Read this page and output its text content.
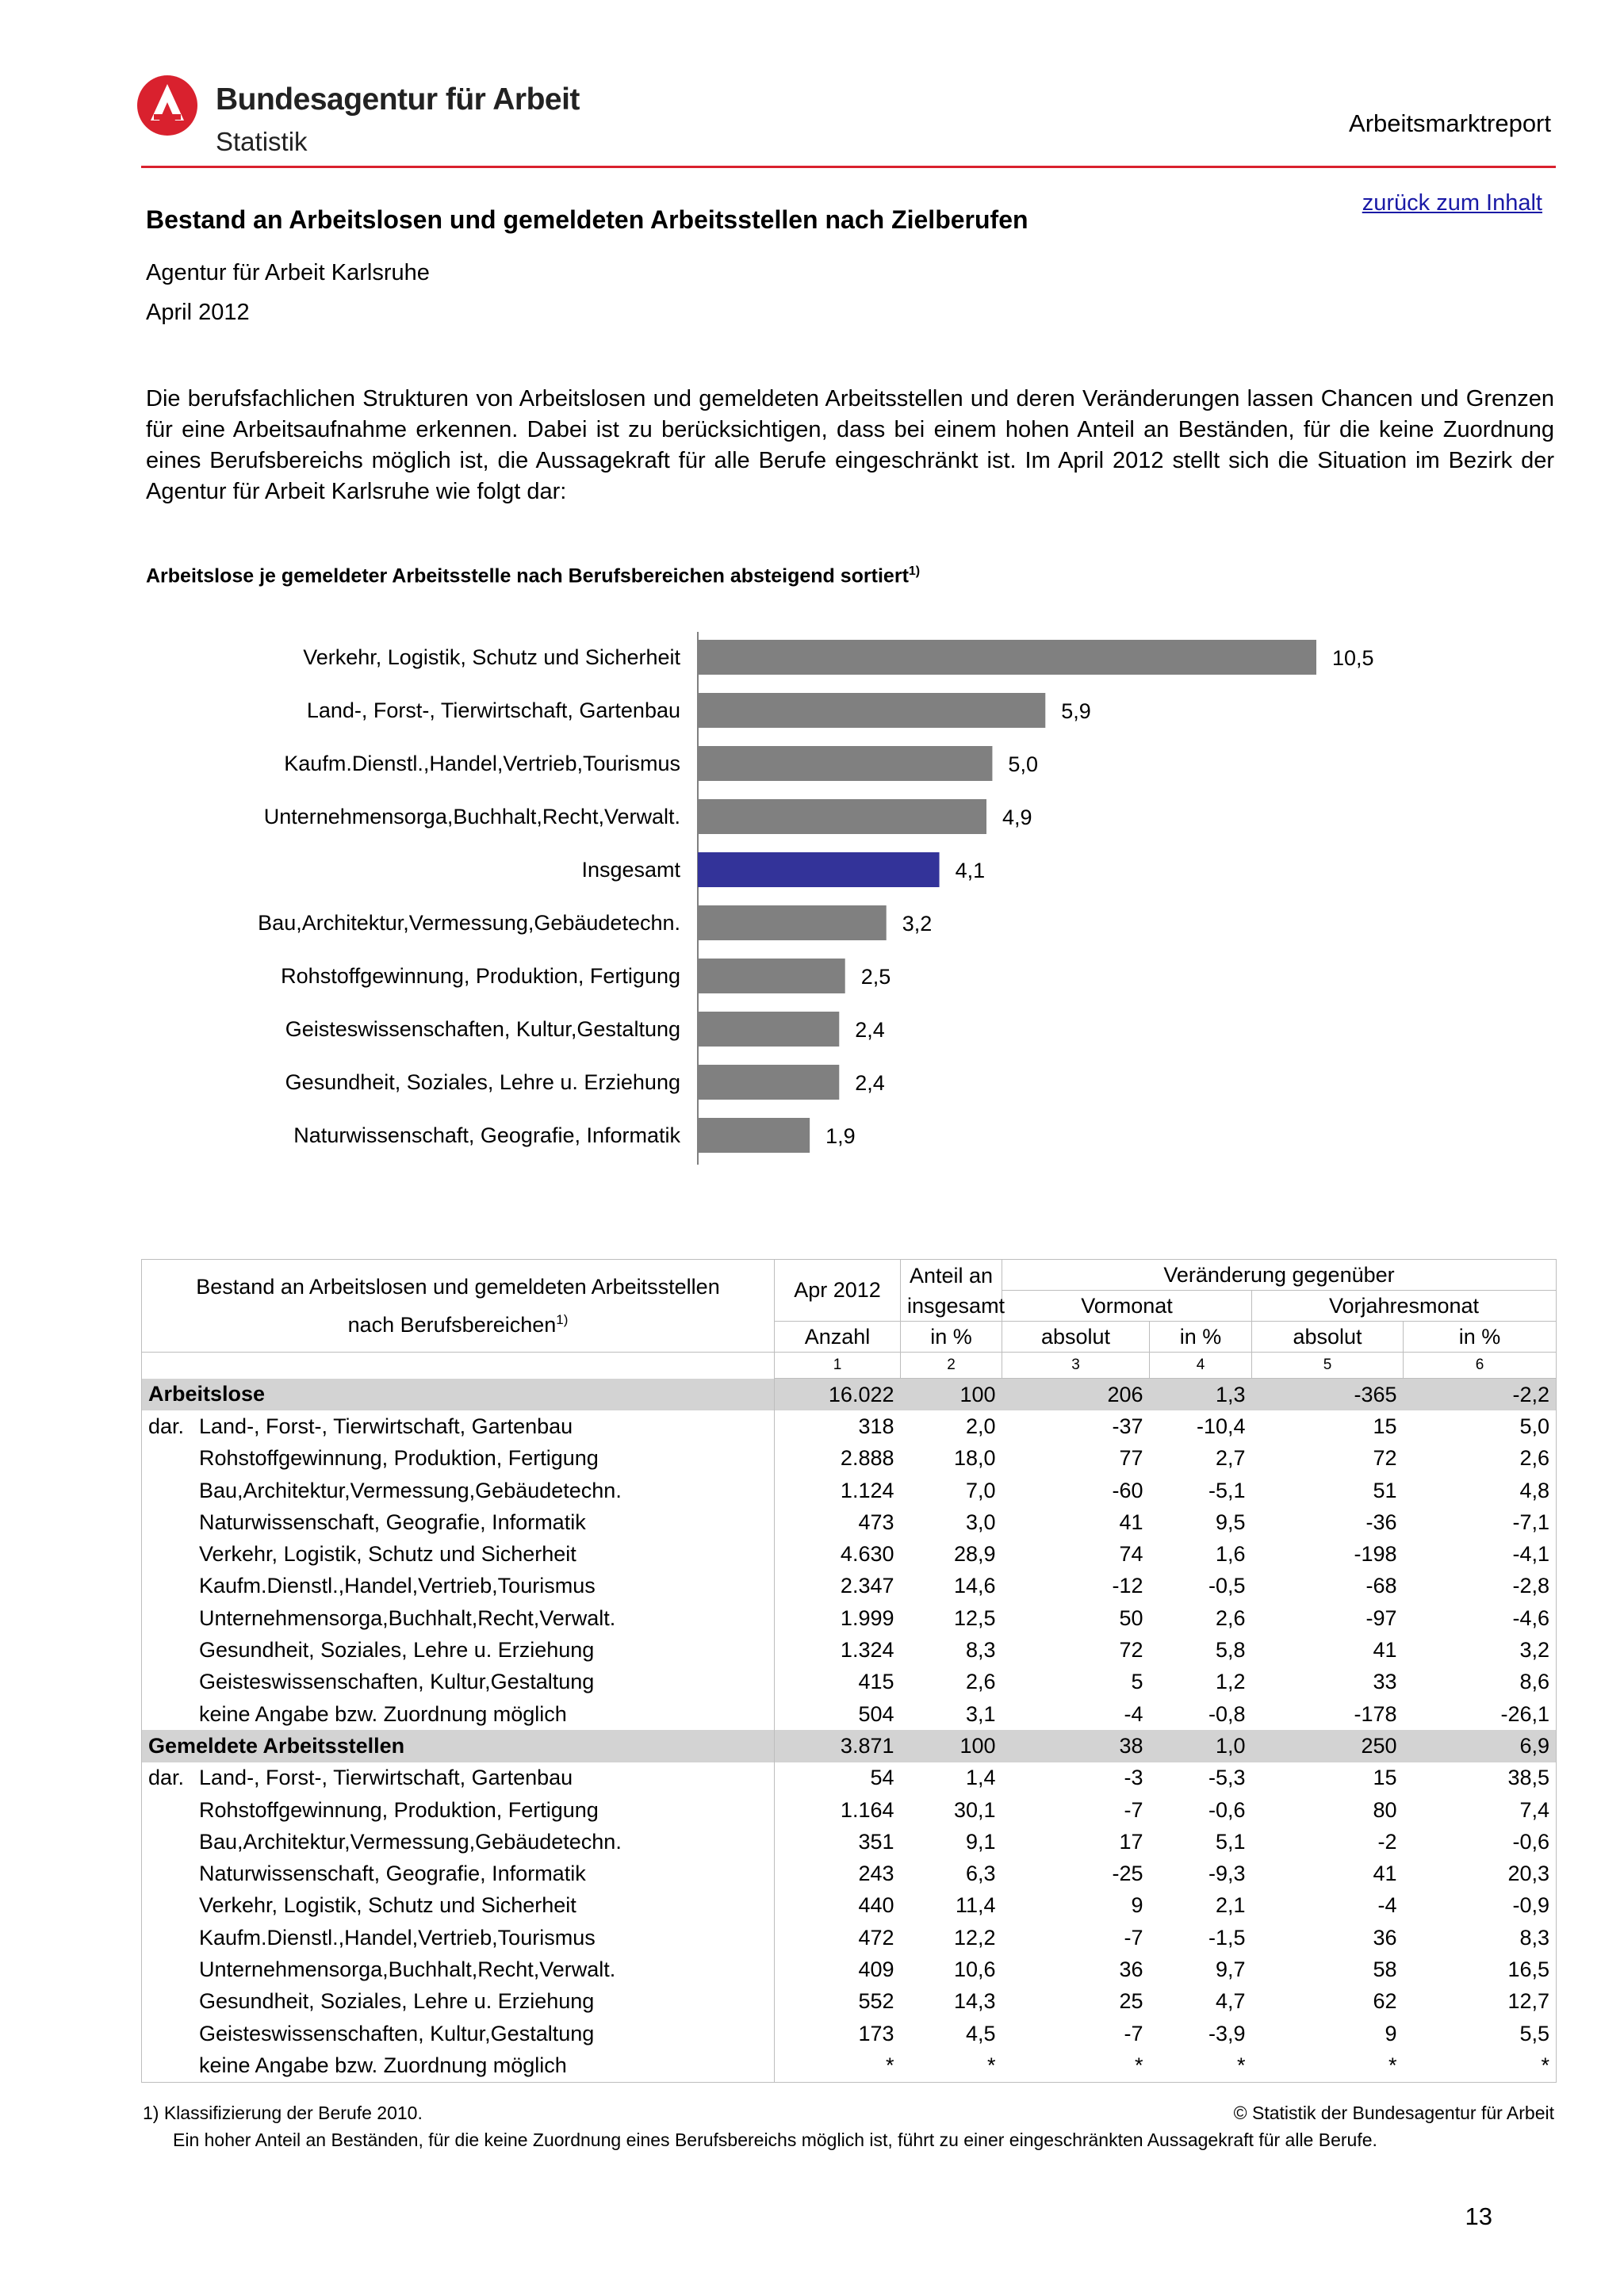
Bundesagentur für Arbeit
Statistik
Arbeitsmarktreport
zurück zum Inhalt
Bestand an Arbeitslosen und gemeldeten Arbeitsstellen nach Zielberufen
Agentur für Arbeit Karlsruhe
April 2012
Die berufsfachlichen Strukturen von Arbeitslosen und gemeldeten Arbeitsstellen und deren Veränderungen lassen Chancen und Grenzen für eine Arbeitsaufnahme erkennen. Dabei ist zu berücksichtigen, dass bei einem hohen Anteil an Beständen, für die keine Zuordnung eines Berufsbereichs möglich ist, die Aussagekraft für alle Berufe eingeschränkt ist. Im April 2012 stellt sich die Situation im Bezirk der Agentur für Arbeit Karlsruhe wie folgt dar:
Arbeitslose je gemeldeter Arbeitsstelle nach Berufsbereichen absteigend sortiert$^{1)}$
Verkehr, Logistik, Schutz und Sicherheit	10,5
Land-, Forst-, Tierwirtschaft, Gartenbau	5,9
Kaufm.Dienstl.,Handel,Vertrieb,Tourismus	5,0
Unternehmensorga,Buchhalt,Recht,Verwalt.	4,9
Insgesamt	4,1
Bau,Architektur,Vermessung,Gebäudetechn.	3,2
Rohstoffgewinnung, Produktion, Fertigung	2,5
Geisteswissenschaften, Kultur,Gestaltung	2,4
Gesundheit, Soziales, Lehre u. Erziehung	2,4
Naturwissenschaft, Geografie, Informatik	1,9
Bestand an Arbeitslosen und gemeldeten Arbeitsstellen
nach Berufsbereichen$^{1)}$	Apr 2012	Anteil an
insgesamt	Veränderung gegenüber			
			Vormonat		Vorjahresmonat	
	Anzahl	in %	absolut	in %	absolut	in %
	1	2	3	4	5	6
Arbeitslose	16.022	100	206	1,3	-365	-2,2
dar. Land-, Forst-, Tierwirtschaft, Gartenbau	318	2,0	-37	-10,4	15	5,0
Rohstoffgewinnung, Produktion, Fertigung	2.888	18,0	77	2,7	72	2,6
Bau,Architektur,Vermessung,Gebäudetechn.	1.124	7,0	-60	-5,1	51	4,8
Naturwissenschaft, Geografie, Informatik	473	3,0	41	9,5	-36	-7,1
Verkehr, Logistik, Schutz und Sicherheit	4.630	28,9	74	1,6	-198	-4,1
Kaufm.Dienstl.,Handel,Vertrieb,Tourismus	2.347	14,6	-12	-0,5	-68	-2,8
Unternehmensorga,Buchhalt,Recht,Verwalt.	1.999	12,5	50	2,6	-97	-4,6
Gesundheit, Soziales, Lehre u. Erziehung	1.324	8,3	72	5,8	41	3,2
Geisteswissenschaften, Kultur,Gestaltung	415	2,6	5	1,2	33	8,6
keine Angabe bzw. Zuordnung möglich	504	3,1	-4	-0,8	-178	-26,1
Gemeldete Arbeitsstellen	3.871	100	38	1,0	250	6,9
dar. Land-, Forst-, Tierwirtschaft, Gartenbau	54	1,4	-3	-5,3	15	38,5
Rohstoffgewinnung, Produktion, Fertigung	1.164	30,1	-7	-0,6	80	7,4
Bau,Architektur,Vermessung,Gebäudetechn.	351	9,1	17	5,1	-2	-0,6
Naturwissenschaft, Geografie, Informatik	243	6,3	-25	-9,3	41	20,3
Verkehr, Logistik, Schutz und Sicherheit	440	11,4	9	2,1	-4	-0,9
Kaufm.Dienstl.,Handel,Vertrieb,Tourismus	472	12,2	-7	-1,5	36	8,3
Unternehmensorga,Buchhalt,Recht,Verwalt.	409	10,6	36	9,7	58	16,5
Gesundheit, Soziales, Lehre u. Erziehung	552	14,3	25	4,7	62	12,7
Geisteswissenschaften, Kultur,Gestaltung	173	4,5	-7	-3,9	9	5,5
keine Angabe bzw. Zuordnung möglich	*	*	*	*	*	*
1) Klassifizierung der Berufe 2010.	© Statistik der Bundesagentur für Arbeit
Ein hoher Anteil an Beständen, für die keine Zuordnung eines Berufsbereichs möglich ist, führt zu einer eingeschränkten Aussagekraft für alle Berufe.
13
